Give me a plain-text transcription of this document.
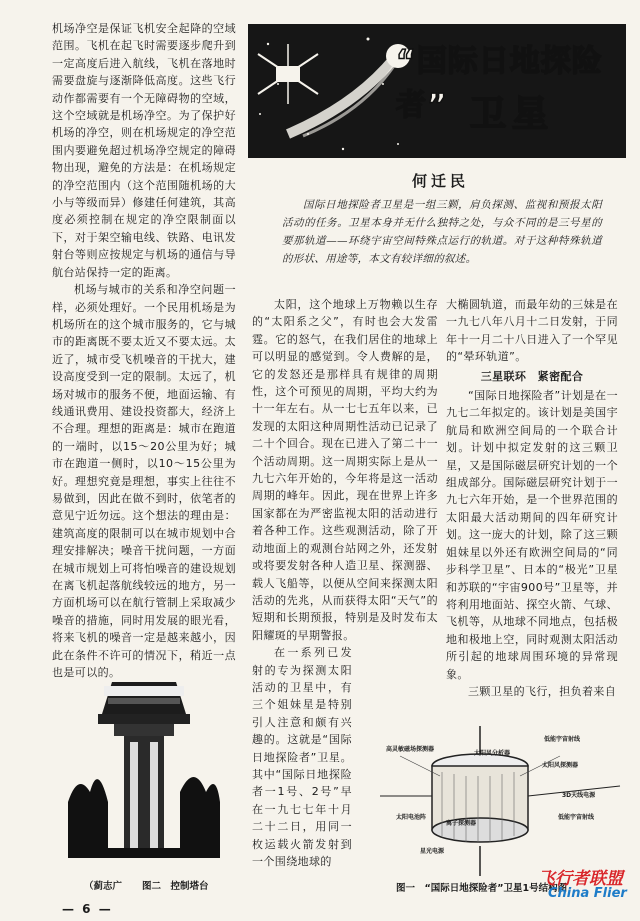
机场净空是保证飞机安全起降的空域范围。飞机在起飞时需要逐步爬升到一定高度后进入航线，飞机在落地时需要盘旋与逐渐降低高度。这些飞行动作都需要有一个无障碍物的空域，这个空域就是机场净空。为了保护好机场的净空，则在机场规定的净空范围内要避免超过机场净空规定的障碍物出现，避免的方法是：在机场规定的净空范围内（这个范围随机场的大小与等级而异）修建任何建筑，其高度必须控制在规定的净空限制面以下，对于架空输电线、铁路、电讯发射台等则应按规定与机场的通信与导航台站保持一定的距离。

机场与城市的关系和净空问题一样，必须处理好。一个民用机场是为机场所在的这个城市服务的，它与城市的距离既不要太近又不要太远。太近了，城市受飞机噪音的干扰大，建设高度受到一定的限制。太远了，机场对城市的服务不便，地面运输、有线通讯费用、建设投资都大，经济上不合理。理想的距离是：城市在跑道的一端时，以15～20公里为好；城市在跑道一侧时，以10～15公里为好。理想究竟是理想，事实上往往不易做到，因此在做不到时，依笔者的意见宁近勿远。这个想法的理由是：建筑高度的限制可以在城市规划中合理安排解决；噪音干扰问题，一方面在城市规划上可将怕噪音的建设规划在离飞机起落航线较远的地方，另一方面机场可以在航行管制上采取减少噪音的措施，同时用发展的眼光看，将来飞机的噪音一定是越来越小，因此在条件不许可的情况下，稍近一点也是可以的。

（蓟志广 图二　控制塔台
“国际日地探险者” 卫星
何迁民

国际日地探险者卫星是一组三颗，肩负探测、监视和预报太阳活动的任务。卫星本身并无什么独特之处，与众不同的是三号星的要那轨道——环绕宇宙空间特殊点运行的轨道。对于这种特殊轨道的形状、用途等，本文有较详细的叙述。

太阳，这个地球上万物赖以生存的“太阳系之父”，有时也会大发雷霆。它的怒气，在我们居住的地球上可以明显的感觉到。令人费解的是，它的发怒还是那样具有规律的周期性，这个可预见的周期，平均大约为十一年左右。从一七七五年以来，已发现的太阳这种周期性活动已记录了二十个回合。现在已进入了第二十一个活动周期。这一周期实际上是从一九七六年开始的，今年将是这一活动周期的峰年。因此，现在世界上许多国家都在为严密监视太阳的活动进行着各种工作。这些观测活动，除了开动地面上的观测台站网之外，还发射或将要发射各种人造卫星、探测器、载人飞船等，以便从空间来探测太阳活动的先兆，从而获得太阳“天气”的短期和长期预报，特别是及时发布太阳耀斑的早期警报。

在一系列已发射的专为探测太阳活动的卫星中，有三个姐妹星是特别引人注意和颇有兴趣的。这就是“国际日地探险者”卫星。其中“国际日地探险者一1号、2号”早在一九七七年十月二十二日，用同一枚运载火箭发射到一个围绕地球的

大椭圆轨道，而最年幼的三妹是在一九七八年八月十二日发射，于同年十一月二十八日进入了一个罕见的“晕环轨道”。

三星联环　紧密配合

“国际日地探险者”计划是在一九七二年拟定的。该计划是美国宇航局和欧洲空间局的一个联合计划。计划中拟定发射的这三颗卫星，又是国际磁层研究计划的一个组成部分。国际磁层研究计划于一九七六年开始，是一个世界范围的太阳最大活动期间的四年研究计划。这一庞大的计划，除了这三颗姐妹星以外还有欧洲空间局的“同步科学卫星”、日本的“极光”卫星和苏联的“宇宙900号”卫星等，并将利用地面站、探空火箭、气球、飞机等，从地球不同地点，包括极地和极地上空，同时观测太阳活动所引起的地球周围环境的异常现象。

三颗卫星的飞行，担负着来自

高灵敏磁场探测器
太阳风分析器
低能宇宙射线
太阳风探测器
3D天线电源
低能宇宙射线
离子探测器
太阳电池阵
星光电源
图一　“国际日地探险者”卫星1号结构图
飞行者联盟
China Flier
— 6 —
